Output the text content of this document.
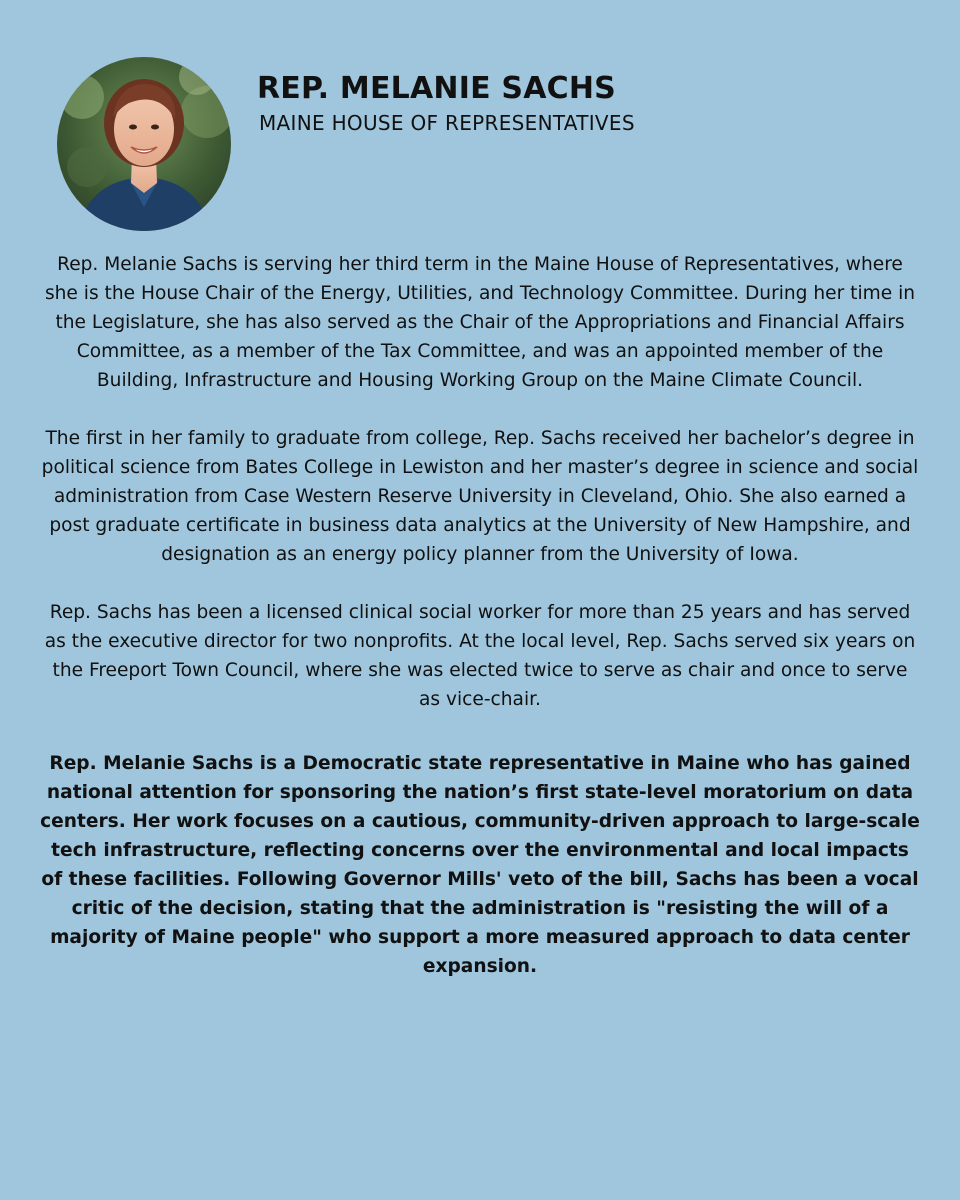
REP. MELANIE SACHS
MAINE HOUSE OF REPRESENTATIVES

Rep. Melanie Sachs is serving her third term in the Maine House of Representatives, where she is the House Chair of the Energy, Utilities, and Technology Committee. During her time in the Legislature, she has also served as the Chair of the Appropriations and Financial Affairs Committee, as a member of the Tax Committee, and was an appointed member of the Building, Infrastructure and Housing Working Group on the Maine Climate Council.

The first in her family to graduate from college, Rep. Sachs received her bachelor’s degree in political science from Bates College in Lewiston and her master’s degree in science and social administration from Case Western Reserve University in Cleveland, Ohio. She also earned a post graduate certificate in business data analytics at the University of New Hampshire, and designation as an energy policy planner from the University of Iowa.

Rep. Sachs has been a licensed clinical social worker for more than 25 years and has served as the executive director for two nonprofits. At the local level, Rep. Sachs served six years on the Freeport Town Council, where she was elected twice to serve as chair and once to serve as vice-chair.

Rep. Melanie Sachs is a Democratic state representative in Maine who has gained national attention for sponsoring the nation’s first state-level moratorium on data centers. Her work focuses on a cautious, community-driven approach to large-scale tech infrastructure, reflecting concerns over the environmental and local impacts of these facilities. Following Governor Mills' veto of the bill, Sachs has been a vocal critic of the decision, stating that the administration is "resisting the will of a majority of Maine people" who support a more measured approach to data center expansion.
